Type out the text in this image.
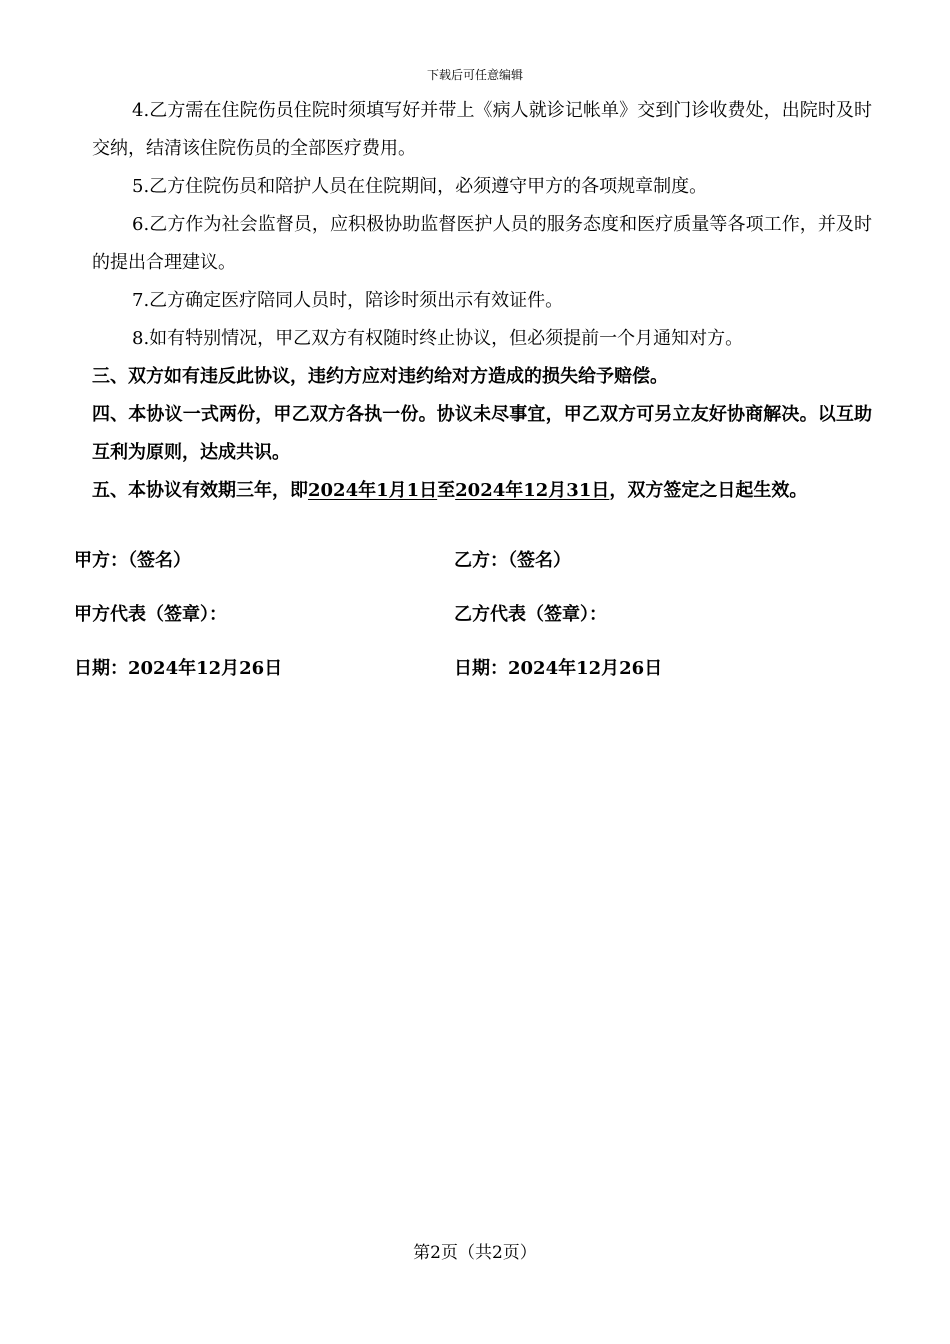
下载后可任意编辑

4.乙方需在住院伤员住院时须填写好并带上《病人就诊记帐单》交到门诊收费处，出院时及时交纳，结清该住院伤员的全部医疗费用。

5.乙方住院伤员和陪护人员在住院期间，必须遵守甲方的各项规章制度。

6.乙方作为社会监督员，应积极协助监督医护人员的服务态度和医疗质量等各项工作，并及时的提出合理建议。

7.乙方确定医疗陪同人员时，陪诊时须出示有效证件。

8.如有特别情况，甲乙双方有权随时终止协议，但必须提前一个月通知对方。

三、双方如有违反此协议，违约方应对违约给对方造成的损失给予赔偿。

四、本协议一式两份，甲乙双方各执一份。协议未尽事宜，甲乙双方可另立友好协商解决。以互助互利为原则，达成共识。

五、本协议有效期三年，即2024年1月1日至2024年12月31日，双方签定之日起生效。

甲方：（签名）	乙方：（签名）
甲方代表（签章）：	乙方代表（签章）：
日期：2024年12月26日	日期：2024年12月26日
第2页（共2页）
